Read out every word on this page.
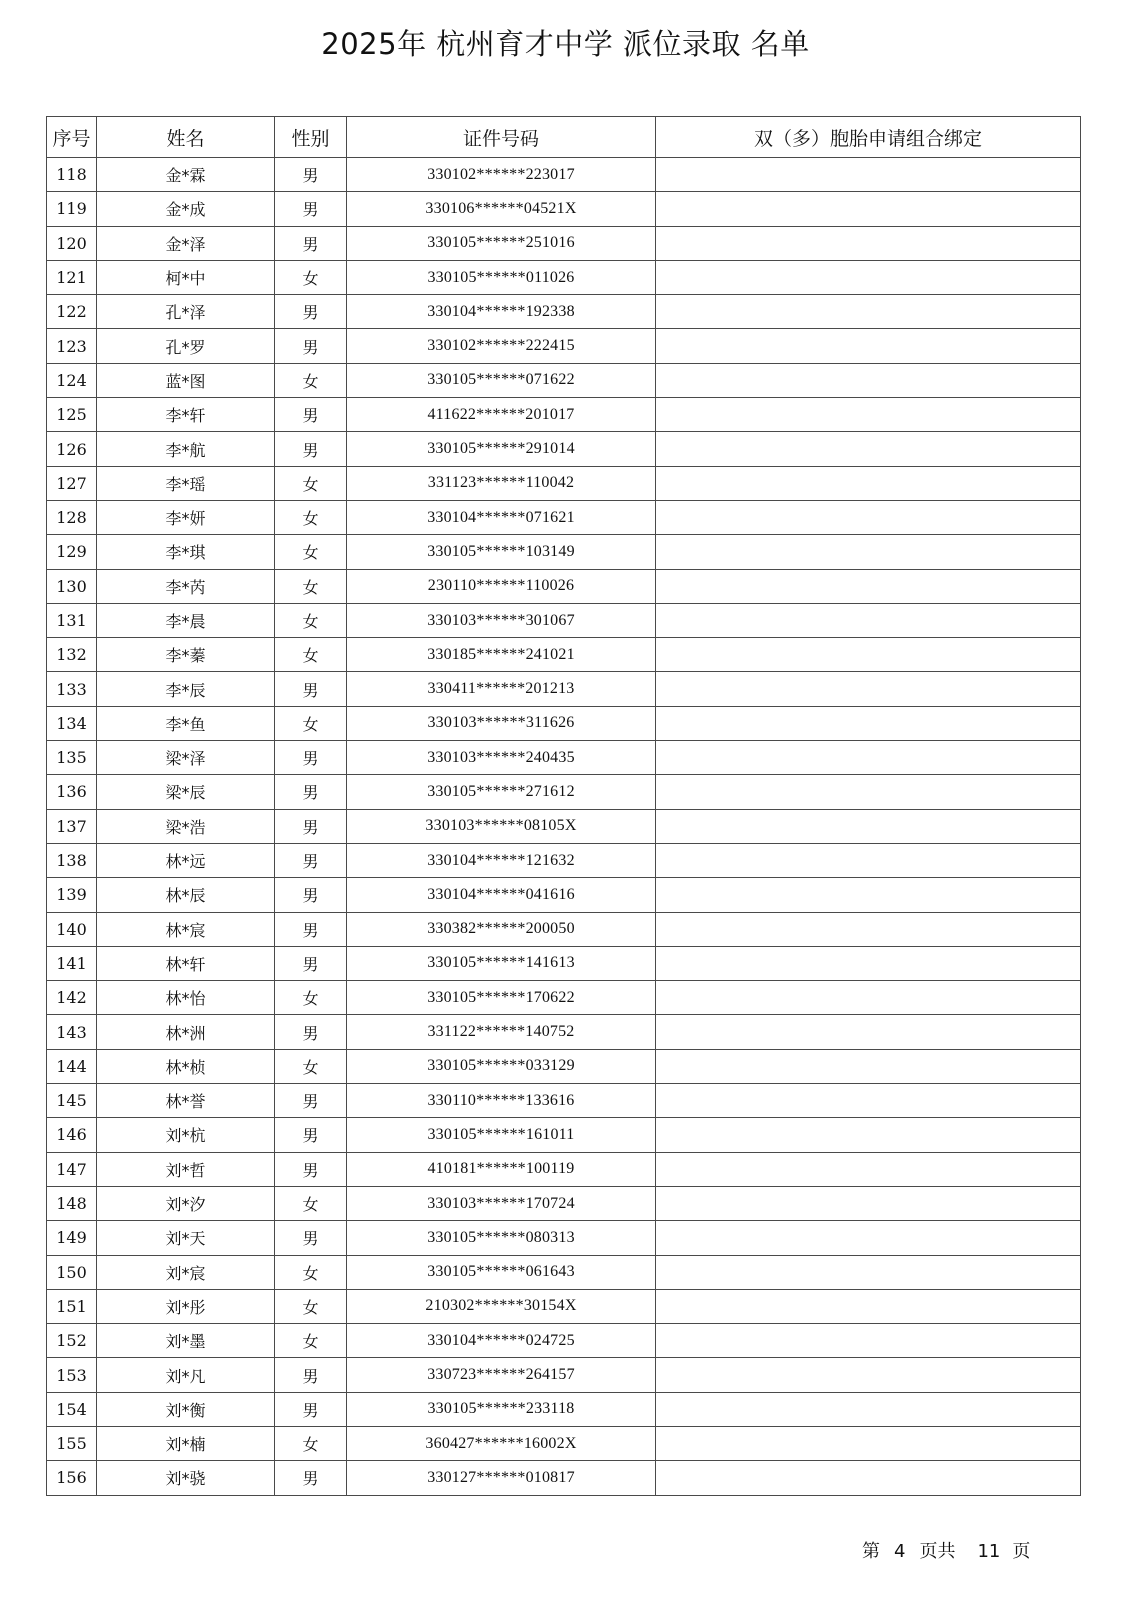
2025年 杭州育才中学 派位录取 名单
序号	姓名	性别	证件号码	双（多）胞胎申请组合绑定
118	金*霖	男	330102******223017	
119	金*成	男	330106******04521X	
120	金*泽	男	330105******251016	
121	柯*中	女	330105******011026	
122	孔*泽	男	330104******192338	
123	孔*罗	男	330102******222415	
124	蓝*图	女	330105******071622	
125	李*轩	男	411622******201017	
126	李*航	男	330105******291014	
127	李*瑶	女	331123******110042	
128	李*妍	女	330104******071621	
129	李*琪	女	330105******103149	
130	李*芮	女	230110******110026	
131	李*晨	女	330103******301067	
132	李*蓁	女	330185******241021	
133	李*辰	男	330411******201213	
134	李*鱼	女	330103******311626	
135	梁*泽	男	330103******240435	
136	梁*辰	男	330105******271612	
137	梁*浩	男	330103******08105X	
138	林*远	男	330104******121632	
139	林*辰	男	330104******041616	
140	林*宸	男	330382******200050	
141	林*轩	男	330105******141613	
142	林*怡	女	330105******170622	
143	林*洲	男	331122******140752	
144	林*桢	女	330105******033129	
145	林*誉	男	330110******133616	
146	刘*杭	男	330105******161011	
147	刘*哲	男	410181******100119	
148	刘*汐	女	330103******170724	
149	刘*天	男	330105******080313	
150	刘*宸	女	330105******061643	
151	刘*彤	女	210302******30154X	
152	刘*墨	女	330104******024725	
153	刘*凡	男	330723******264157	
154	刘*衡	男	330105******233118	
155	刘*楠	女	360427******16002X	
156	刘*骁	男	330127******010817	
第 4 页共 11 页
